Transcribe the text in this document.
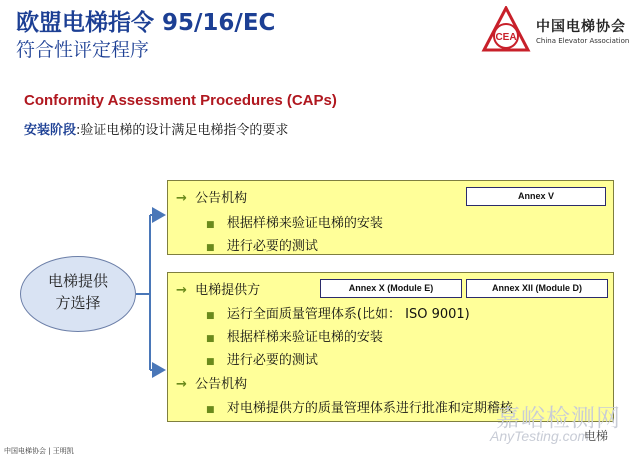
欧盟电梯指令 95/16/EC
符合性评定程序
CEA
中国电梯协会
China Elevator Association
Conformity Assessment Procedures (CAPs)
安装阶段:验证电梯的设计满足电梯指令的要求
电梯提供
方选择
→ 公告机构	Annex V
■ 根据样梯来验证电梯的安装
■ 进行必要的测试
→ 电梯提供方	Annex X (Module E)	Annex XII (Module D)
■ 运行全面质量管理体系(比如： ISO 9001)
■ 根据样梯来验证电梯的安装
■ 进行必要的测试
→ 公告机构
■ 对电梯提供方的质量管理体系进行批准和定期稽核
中国电梯协会 | 王明凯
嘉峪检测网
AnyTesting.com
电梯
